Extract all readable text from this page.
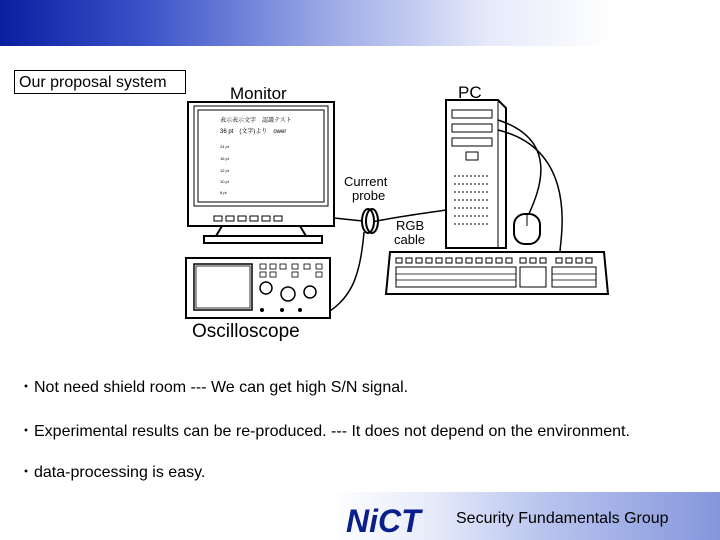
Our proposal system
表示表示文字　認識テスト
36 pt　(文字)より　ower
24 pt
16 pt
12 pt
10 pt
8 pt
Monitor	PC
Current
probe
RGB
cable
Oscilloscope
・Not need shield room --- We can get high S/N signal.
・Experimental results can be re-produced. --- It does not depend on the environment.
・data-processing is easy.
NiCT Security Fundamentals Group
